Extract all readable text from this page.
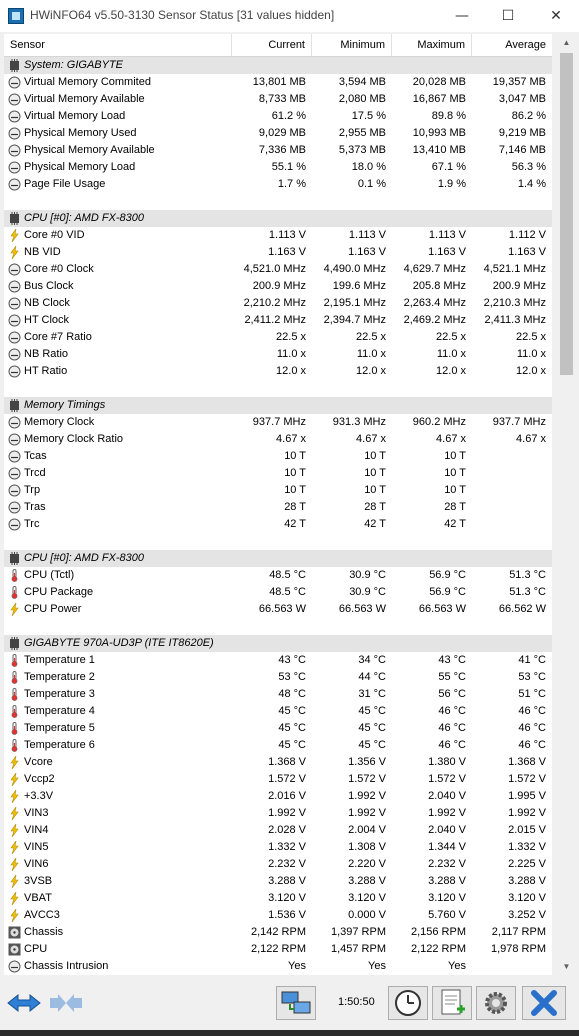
HWiNFO64 v5.50-3130 Sensor Status [31 values hidden]	—	☐	✕
Sensor	Current	Minimum	Maximum	Average
System: GIGABYTE
Virtual Memory Commited	13,801 MB	3,594 MB	20,028 MB	19,357 MB
Virtual Memory Available	8,733 MB	2,080 MB	16,867 MB	3,047 MB
Virtual Memory Load	61.2 %	17.5 %	89.8 %	86.2 %
Physical Memory Used	9,029 MB	2,955 MB	10,993 MB	9,219 MB
Physical Memory Available	7,336 MB	5,373 MB	13,410 MB	7,146 MB
Physical Memory Load	55.1 %	18.0 %	67.1 %	56.3 %
Page File Usage	1.7 %	0.1 %	1.9 %	1.4 %
CPU [#0]: AMD FX-8300
Core #0 VID	1.113 V	1.113 V	1.113 V	1.112 V
NB VID	1.163 V	1.163 V	1.163 V	1.163 V
Core #0 Clock	4,521.0 MHz	4,490.0 MHz	4,629.7 MHz	4,521.1 MHz
Bus Clock	200.9 MHz	199.6 MHz	205.8 MHz	200.9 MHz
NB Clock	2,210.2 MHz	2,195.1 MHz	2,263.4 MHz	2,210.3 MHz
HT Clock	2,411.2 MHz	2,394.7 MHz	2,469.2 MHz	2,411.3 MHz
Core #7 Ratio	22.5 x	22.5 x	22.5 x	22.5 x
NB Ratio	11.0 x	11.0 x	11.0 x	11.0 x
HT Ratio	12.0 x	12.0 x	12.0 x	12.0 x
Memory Timings
Memory Clock	937.7 MHz	931.3 MHz	960.2 MHz	937.7 MHz
Memory Clock Ratio	4.67 x	4.67 x	4.67 x	4.67 x
Tcas	10 T	10 T	10 T
Trcd	10 T	10 T	10 T
Trp	10 T	10 T	10 T
Tras	28 T	28 T	28 T
Trc	42 T	42 T	42 T
CPU [#0]: AMD FX-8300
CPU (Tctl)	48.5 °C	30.9 °C	56.9 °C	51.3 °C
CPU Package	48.5 °C	30.9 °C	56.9 °C	51.3 °C
CPU Power	66.563 W	66.563 W	66.563 W	66.562 W
GIGABYTE 970A-UD3P (ITE IT8620E)
Temperature 1	43 °C	34 °C	43 °C	41 °C
Temperature 2	53 °C	44 °C	55 °C	53 °C
Temperature 3	48 °C	31 °C	56 °C	51 °C
Temperature 4	45 °C	45 °C	46 °C	46 °C
Temperature 5	45 °C	45 °C	46 °C	46 °C
Temperature 6	45 °C	45 °C	46 °C	46 °C
Vcore	1.368 V	1.356 V	1.380 V	1.368 V
Vccp2	1.572 V	1.572 V	1.572 V	1.572 V
+3.3V	2.016 V	1.992 V	2.040 V	1.995 V
VIN3	1.992 V	1.992 V	1.992 V	1.992 V
VIN4	2.028 V	2.004 V	2.040 V	2.015 V
VIN5	1.332 V	1.308 V	1.344 V	1.332 V
VIN6	2.232 V	2.220 V	2.232 V	2.225 V
3VSB	3.288 V	3.288 V	3.288 V	3.288 V
VBAT	3.120 V	3.120 V	3.120 V	3.120 V
AVCC3	1.536 V	0.000 V	5.760 V	3.252 V
Chassis	2,142 RPM	1,397 RPM	2,156 RPM	2,117 RPM
CPU	2,122 RPM	1,457 RPM	2,122 RPM	1,978 RPM
Chassis Intrusion	Yes	Yes	Yes
▲
▼
1:50:50
